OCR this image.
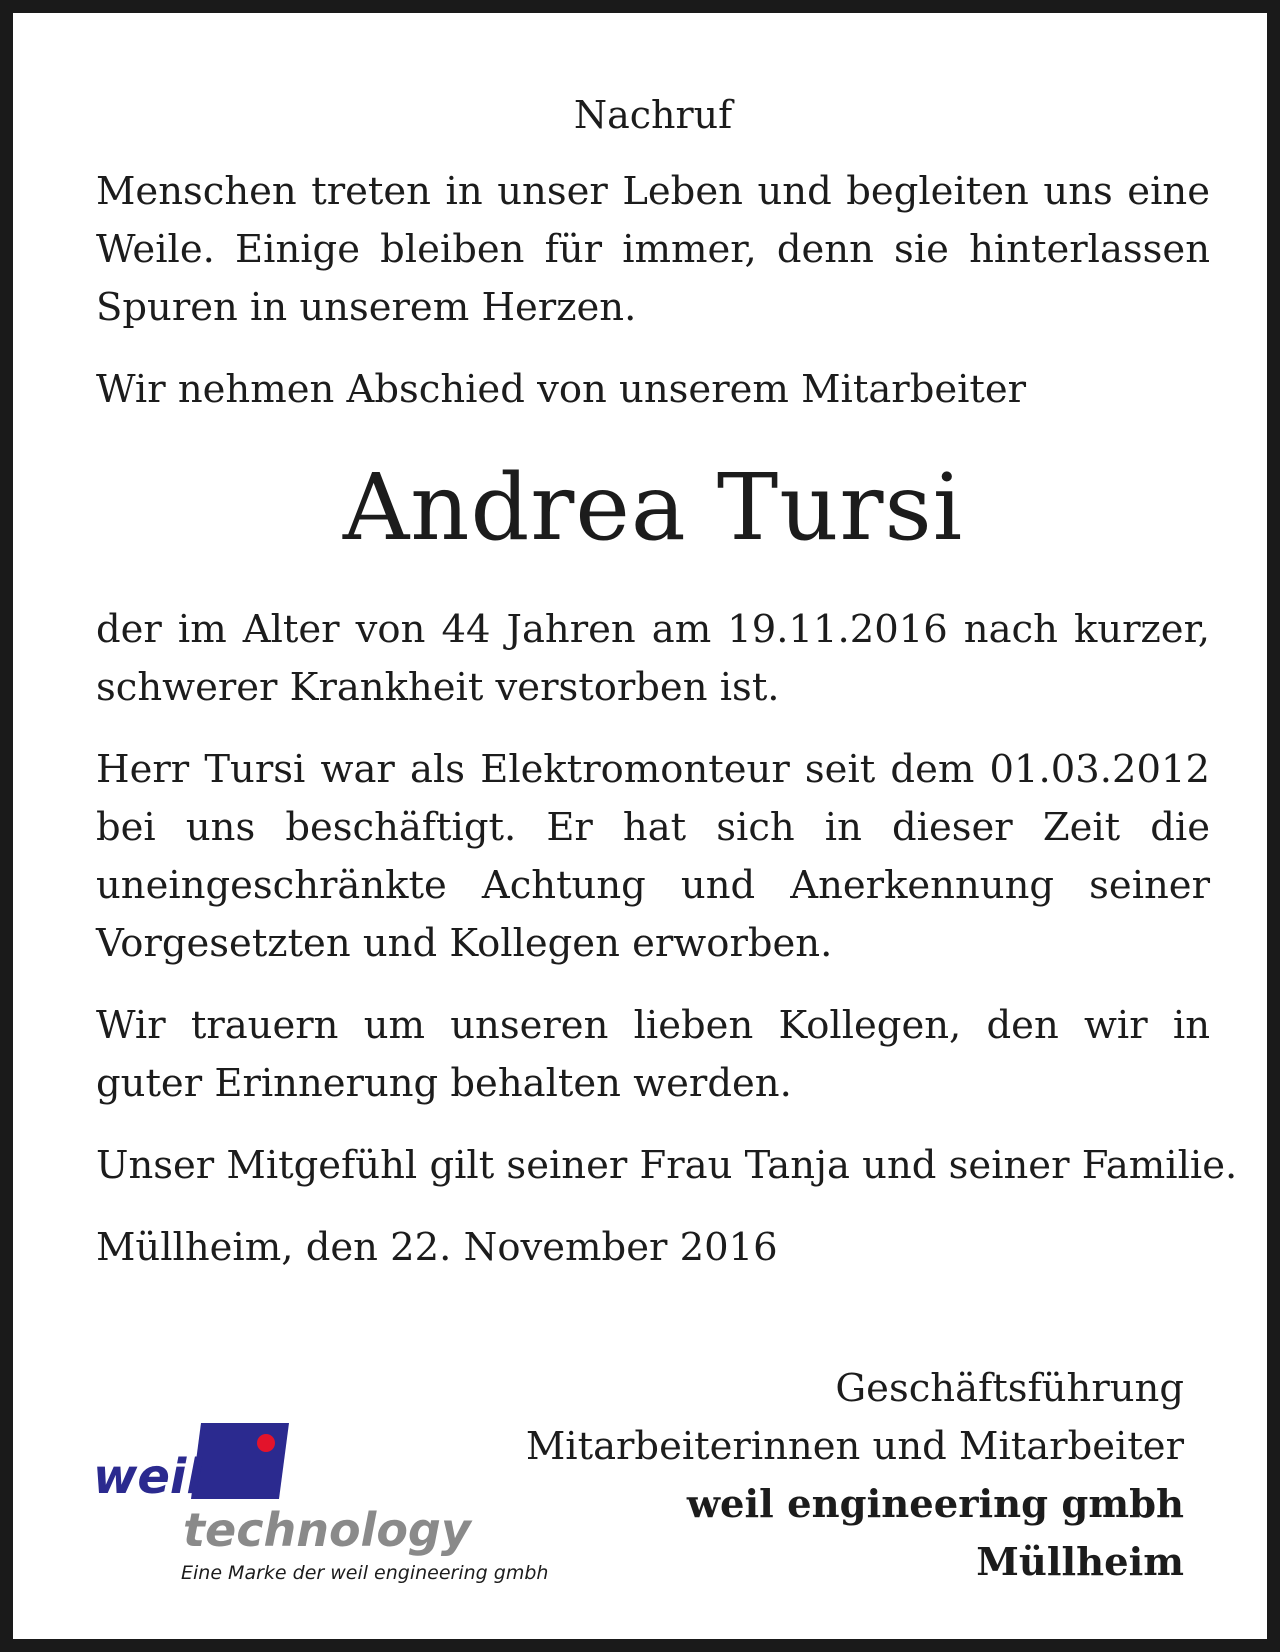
Nachruf

Menschen treten in unser Leben und begleiten uns eine Weile. Einige bleiben für immer, denn sie hinterlassen Spuren in unserem Herzen.

Wir nehmen Abschied von unserem Mitarbeiter

Andrea Tursi

der im Alter von 44 Jahren am 19.11.2016 nach kurzer, schwerer Krankheit verstorben ist.

Herr Tursi war als Elektromonteur seit dem 01.03.2012 bei uns beschäftigt. Er hat sich in dieser Zeit die uneingeschränkte Achtung und Anerkennung seiner Vorgesetzten und Kollegen erworben.

Wir trauern um unseren lieben Kollegen, den wir in guter Erinnerung behalten werden.

Unser Mitgefühl gilt seiner Frau Tanja und seiner Familie.

Müllheim, den 22. November 2016

Geschäftsführung
Mitarbeiterinnen und Mitarbeiter
weil engineering gmbh
Müllheim
weil
technology
Eine Marke der weil engineering gmbh
